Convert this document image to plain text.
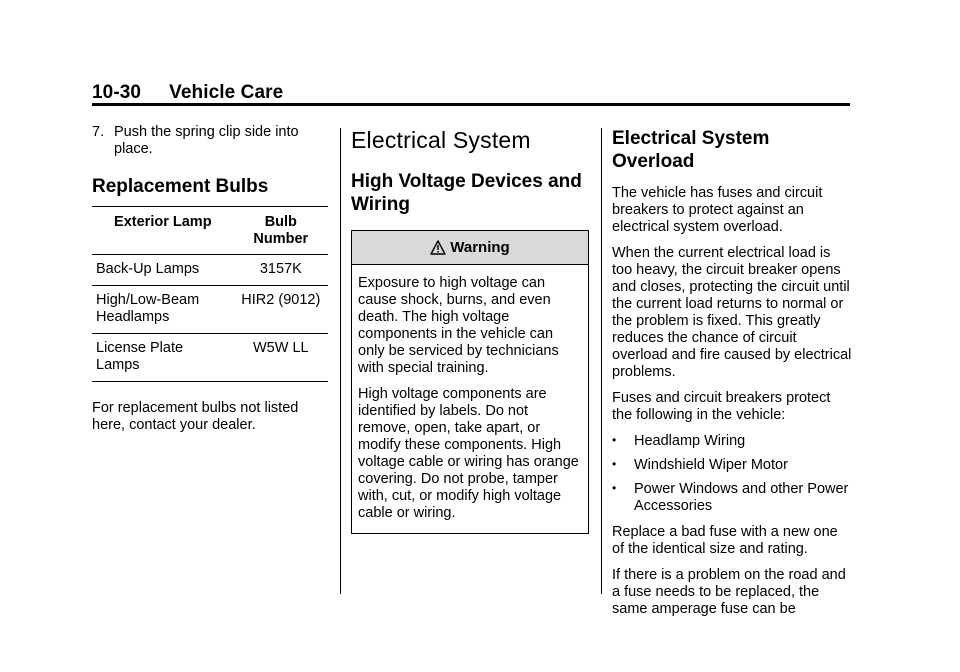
10-30 Vehicle Care
7. Push the spring clip side into place.
Replacement Bulbs
Exterior Lamp	Bulb Number
Back-Up Lamps	3157K
High/Low-Beam Headlamps	HIR2 (9012)
License Plate Lamps	W5W LL

For replacement bulbs not listed here, contact your dealer.

Electrical System
High Voltage Devices and Wiring
Warning

Exposure to high voltage can cause shock, burns, and even death. The high voltage components in the vehicle can only be serviced by technicians with special training.

High voltage components are identified by labels. Do not remove, open, take apart, or modify these components. High voltage cable or wiring has orange covering. Do not probe, tamper with, cut, or modify high voltage cable or wiring.

Electrical System Overload

The vehicle has fuses and circuit breakers to protect against an electrical system overload.

When the current electrical load is too heavy, the circuit breaker opens and closes, protecting the circuit until the current load returns to normal or the problem is fixed. This greatly reduces the chance of circuit overload and fire caused by electrical problems.

Fuses and circuit breakers protect the following in the vehicle:

•	Headlamp Wiring
•	Windshield Wiper Motor
•	Power Windows and other Power Accessories

Replace a bad fuse with a new one of the identical size and rating.

If there is a problem on the road and a fuse needs to be replaced, the same amperage fuse can be
